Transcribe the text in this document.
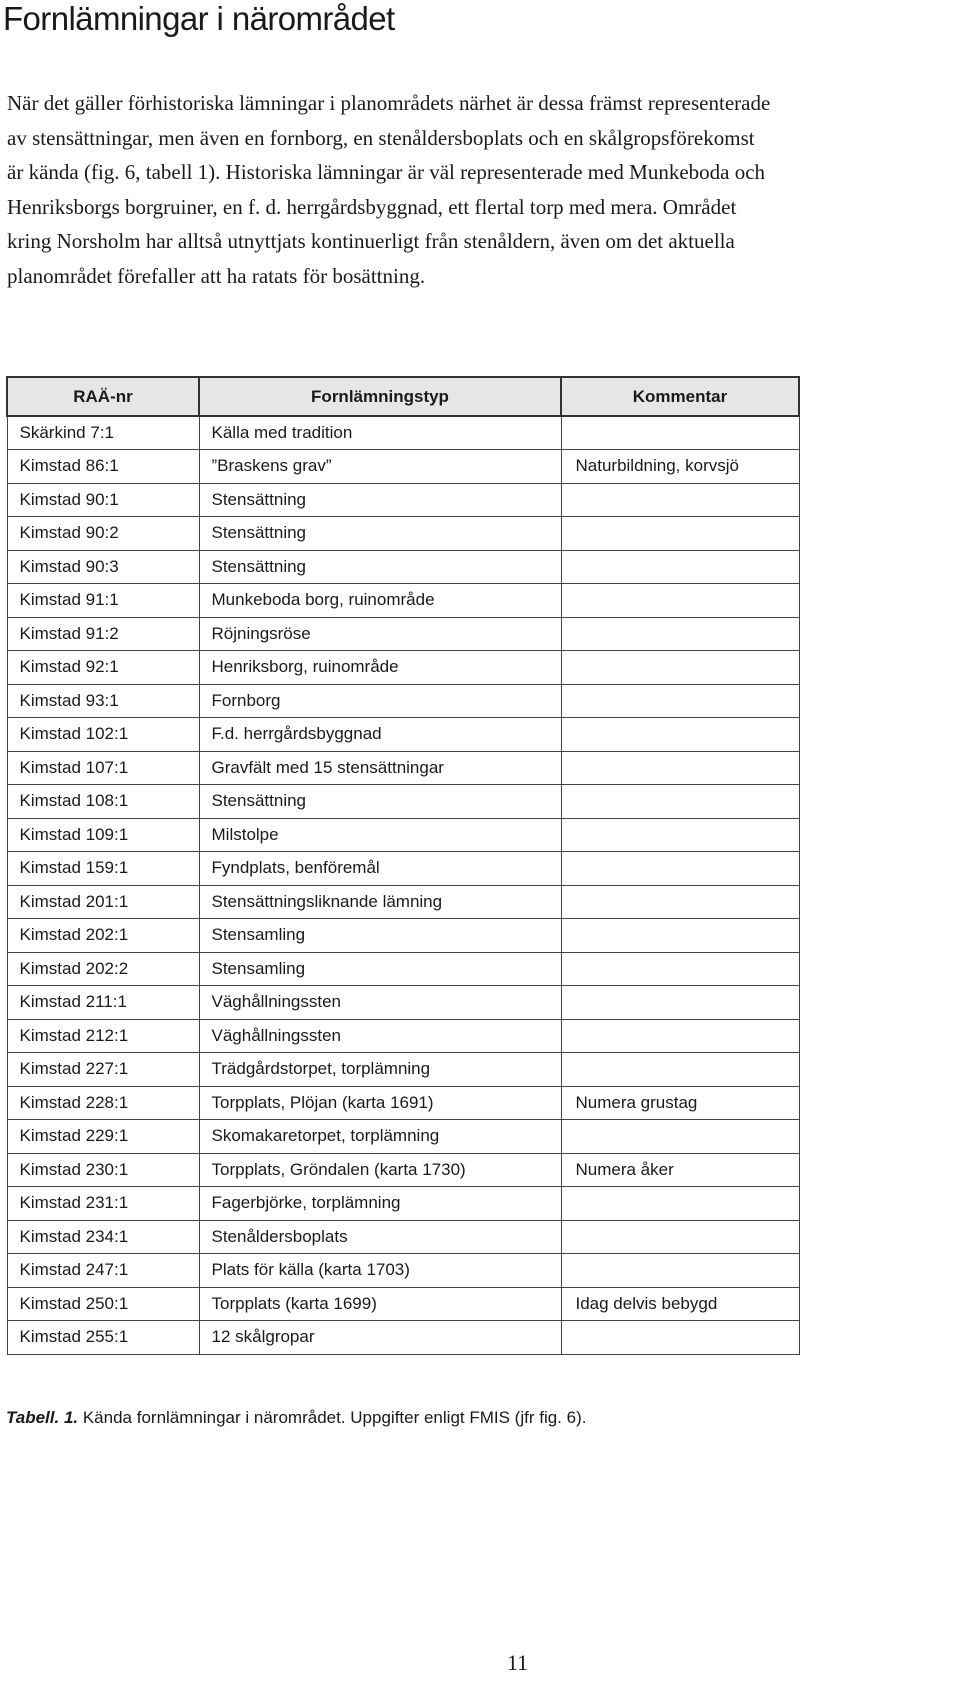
Fornlämningar i närområdet
När det gäller förhistoriska lämningar i planområdets närhet är dessa främst representerade
av stensättningar, men även en fornborg, en stenåldersboplats och en skålgropsförekomst
är kända (fig. 6, tabell 1). Historiska lämningar är väl representerade med Munkeboda och
Henriksborgs borgruiner, en f. d. herrgårdsbyggnad, ett flertal torp med mera. Området
kring Norsholm har alltså utnyttjats kontinuerligt från stenåldern, även om det aktuella
planområdet förefaller att ha ratats för bosättning.
RAÄ-nr	Fornlämningstyp	Kommentar
Skärkind 7:1	Källa med tradition	
Kimstad 86:1	”Braskens grav”	Naturbildning, korvsjö
Kimstad 90:1	Stensättning	
Kimstad 90:2	Stensättning	
Kimstad 90:3	Stensättning	
Kimstad 91:1	Munkeboda borg, ruinområde	
Kimstad 91:2	Röjningsröse	
Kimstad 92:1	Henriksborg, ruinområde	
Kimstad 93:1	Fornborg	
Kimstad 102:1	F.d. herrgårdsbyggnad	
Kimstad 107:1	Gravfält med 15 stensättningar	
Kimstad 108:1	Stensättning	
Kimstad 109:1	Milstolpe	
Kimstad 159:1	Fyndplats, benföremål	
Kimstad 201:1	Stensättningsliknande lämning	
Kimstad 202:1	Stensamling	
Kimstad 202:2	Stensamling	
Kimstad 211:1	Väghållningssten	
Kimstad 212:1	Väghållningssten	
Kimstad 227:1	Trädgårdstorpet, torplämning	
Kimstad 228:1	Torpplats, Plöjan (karta 1691)	Numera grustag
Kimstad 229:1	Skomakaretorpet, torplämning	
Kimstad 230:1	Torpplats, Gröndalen (karta 1730)	Numera åker
Kimstad 231:1	Fagerbjörke, torplämning	
Kimstad 234:1	Stenåldersboplats	
Kimstad 247:1	Plats för källa (karta 1703)	
Kimstad 250:1	Torpplats (karta 1699)	Idag delvis bebygd
Kimstad 255:1	12 skålgropar	
Tabell. 1. Kända fornlämningar i närområdet. Uppgifter enligt FMIS (jfr fig. 6).
11
